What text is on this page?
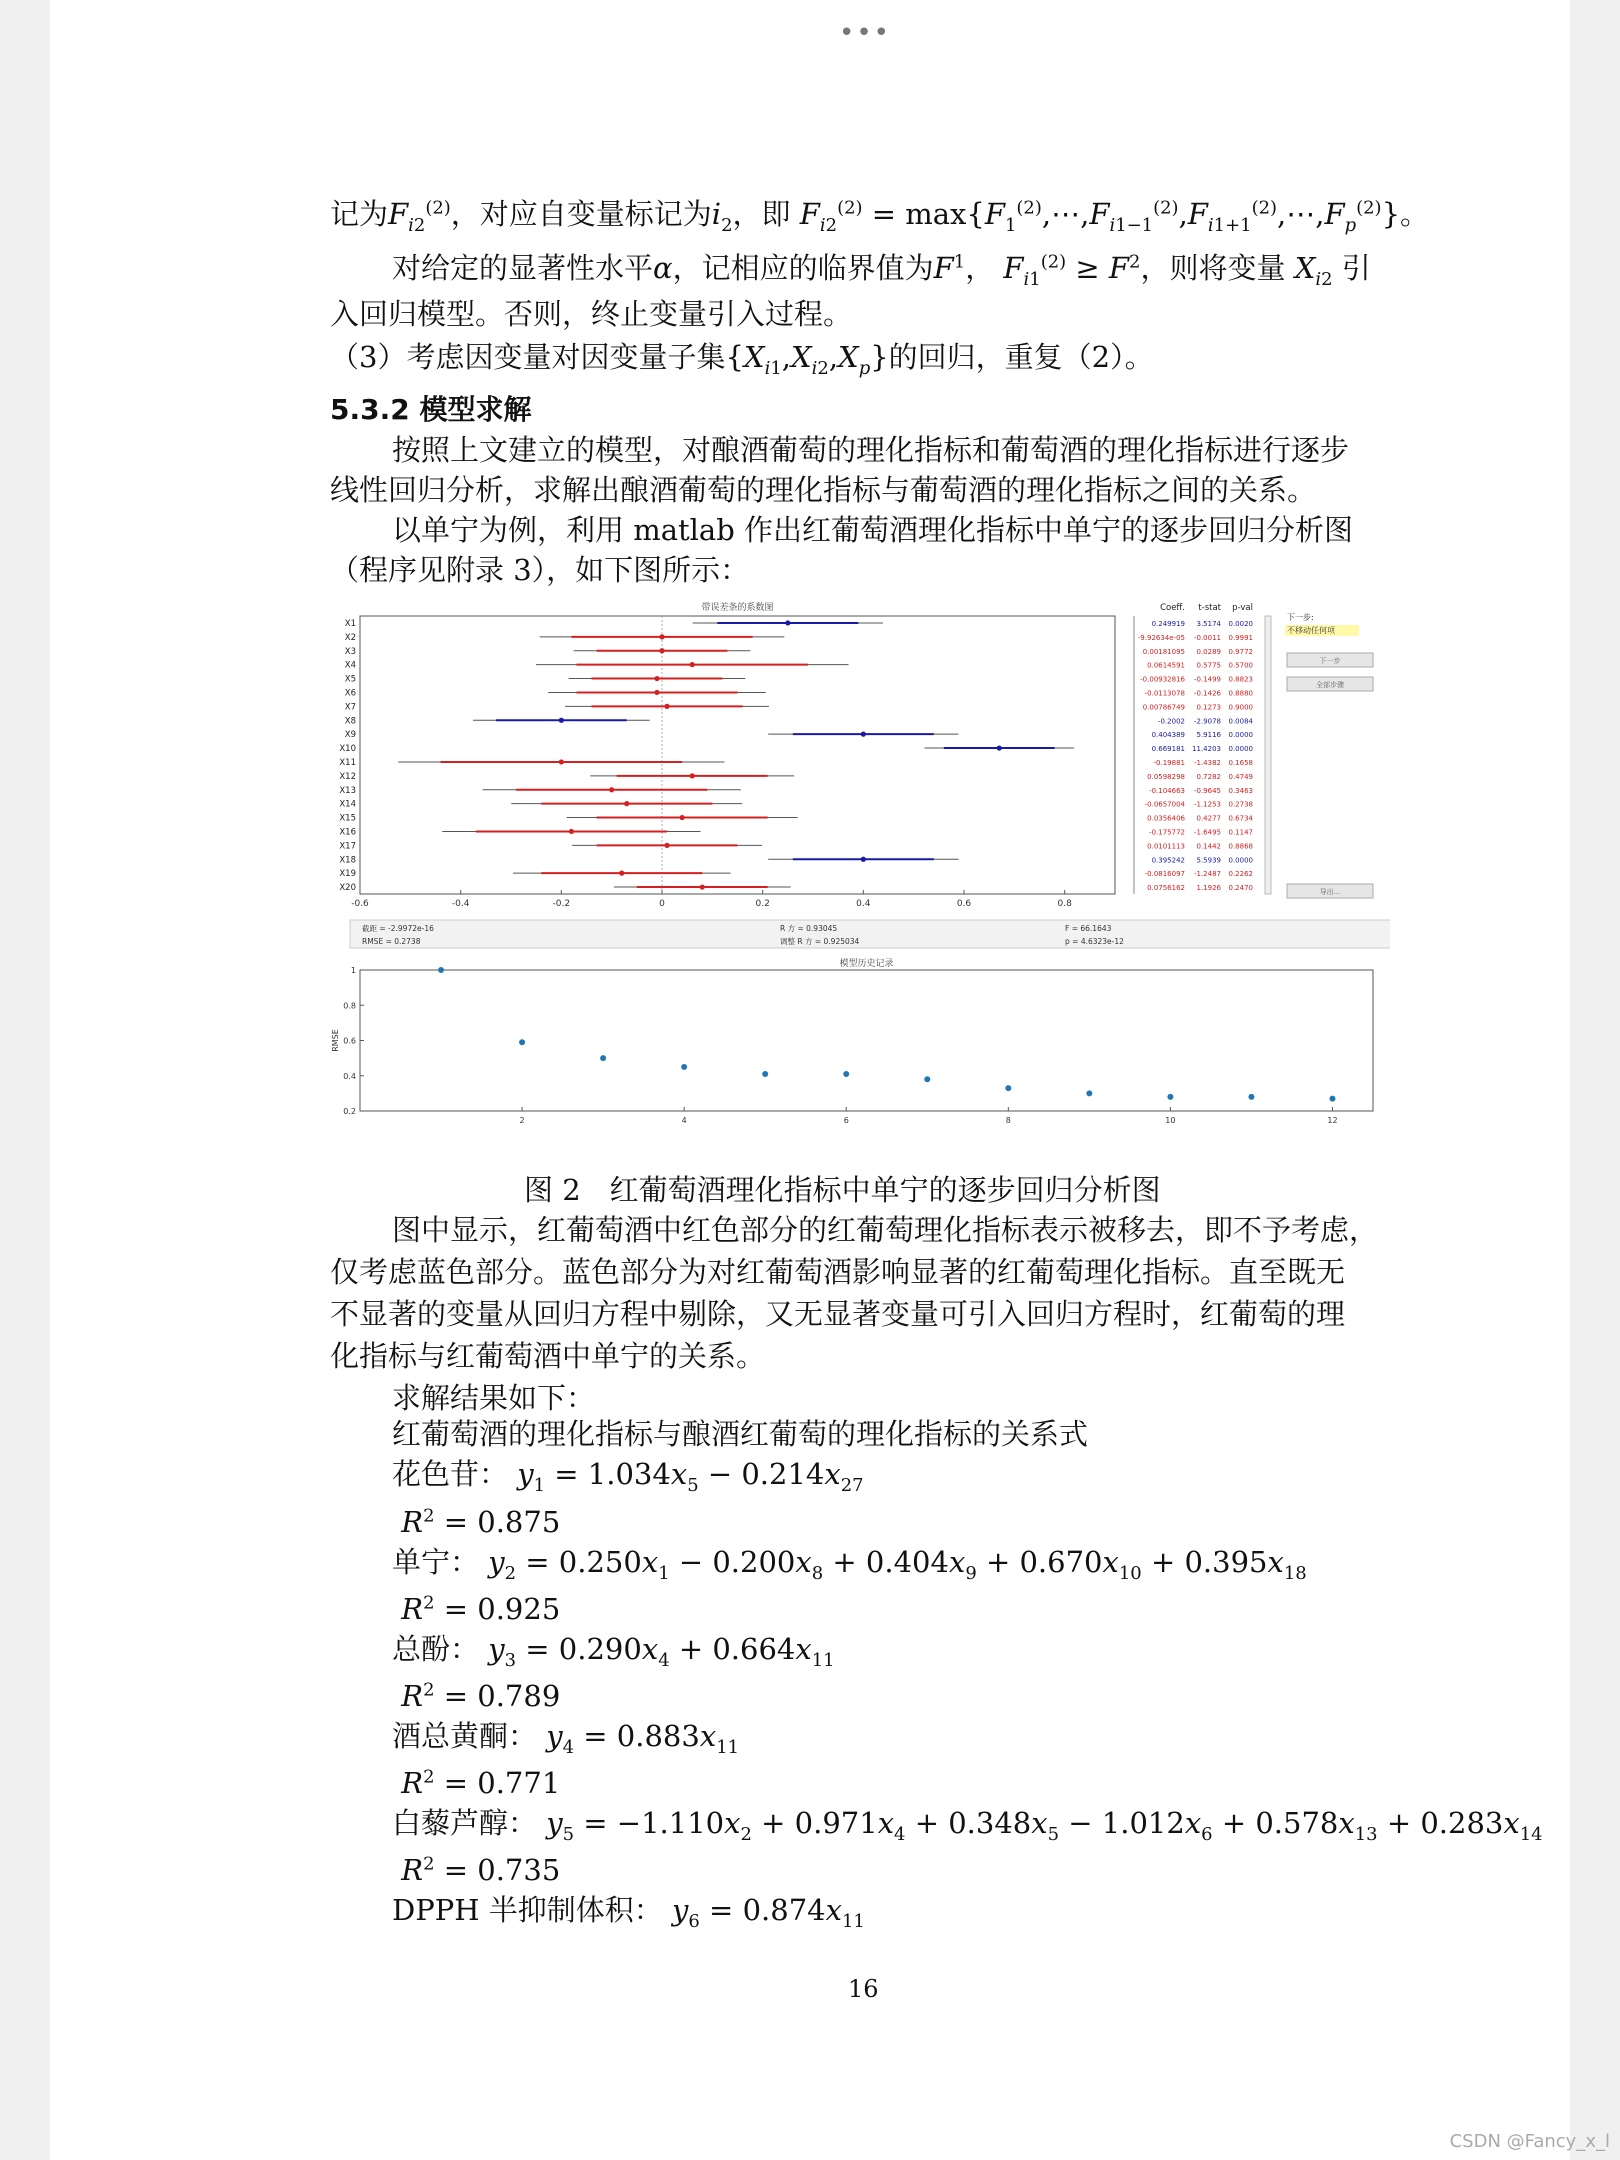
•••
记为$F_{i2}^{(2)}$，对应自变量标记为$i_2$，即 $F_{i2}^{(2)}$ = $\max\{F_1^{(2)},\cdots,F_{i1-1}^{(2)},F_{i1+1}^{(2)},\cdots,F_p^{(2)}\}$。
对给定的显著性水平α，记相应的临界值为$F^1$， $F_{i1}^{(2)} \ge F^2$，则将变量 $X_{i2}$ 引
入回归模型。否则，终止变量引入过程。
（3）考虑因变量对因变量子集$\{X_{i1},X_{i2},X_p\}$的回归，重复（2）。
5.3.2 模型求解
按照上文建立的模型，对酿酒葡萄的理化指标和葡萄酒的理化指标进行逐步
线性回归分析，求解出酿酒葡萄的理化指标与葡萄酒的理化指标之间的关系。
以单宁为例，利用 matlab 作出红葡萄酒理化指标中单宁的逐步回归分析图
（程序见附录 3），如下图所示：
带误差条的系数图
-0.6	-0.4	-0.2	0	0.2	0.4	0.6	0.8
X1
X2
X3
X4
X5
X6
X7
X8
X9
X10
X11
X12
X13
X14
X15
X16
X17
X18
X19
X20
Coeff. t-stat p-val
0.249919 3.5174 0.0020
-9.92634e-05 -0.0011 0.9991
0.00181095 0.0289 0.9772
0.0614591 0.5775 0.5700
-0.00932816 -0.1499 0.8823
-0.0113078 -0.1426 0.8880
0.00786749 0.1273 0.9000
-0.2002 -2.9078 0.0084
0.404389 5.9116 0.0000
0.669181 11.4203 0.0000
-0.19881 -1.4382 0.1658
0.0598298 0.7282 0.4749
-0.104663 -0.9645 0.3463
-0.0657004 -1.1253 0.2738
0.0356406 0.4277 0.6734
-0.175772 -1.6495 0.1147
0.0101113 0.1442 0.8868
0.395242 5.5939 0.0000
-0.0816097 -1.2487 0.2262
0.0756162 1.1926 0.2470
下一步:
不移动任何项
下一步
全部步骤
导出...
截距 = -2.9972e-16
RMSE = 0.2738
R 方 = 0.93045
调整 R 方 = 0.925034
F = 66.1643
p = 4.6323e-12
模型历史记录
RMSE
0.2
0.4
0.6
0.8
1
2	4	6	8	10	12
图 2　红葡萄酒理化指标中单宁的逐步回归分析图
图中显示，红葡萄酒中红色部分的红葡萄理化指标表示被移去，即不予考虑，
仅考虑蓝色部分。蓝色部分为对红葡萄酒影响显著的红葡萄理化指标。直至既无
不显著的变量从回归方程中剔除，又无显著变量可引入回归方程时，红葡萄的理
化指标与红葡萄酒中单宁的关系。
求解结果如下：
红葡萄酒的理化指标与酿酒红葡萄的理化指标的关系式
花色苷： $y_1 = 1.034x_5 - 0.214x_{27}$
$R^2 = 0.875$
单宁： $y_2 = 0.250x_1 - 0.200x_8 + 0.404x_9 + 0.670x_{10} + 0.395x_{18}$
$R^2 = 0.925$
总酚： $y_3 = 0.290x_4 + 0.664x_{11}$
$R^2 = 0.789$
酒总黄酮： $y_4 = 0.883x_{11}$
$R^2 = 0.771$
白藜芦醇： $y_5 = -1.110x_2 + 0.971x_4 + 0.348x_5 - 1.012x_6 + 0.578x_{13} + 0.283x_{14}$
$R^2 = 0.735$
DPPH 半抑制体积： $y_6 = 0.874x_{11}$
16
CSDN @Fancy_x_l
